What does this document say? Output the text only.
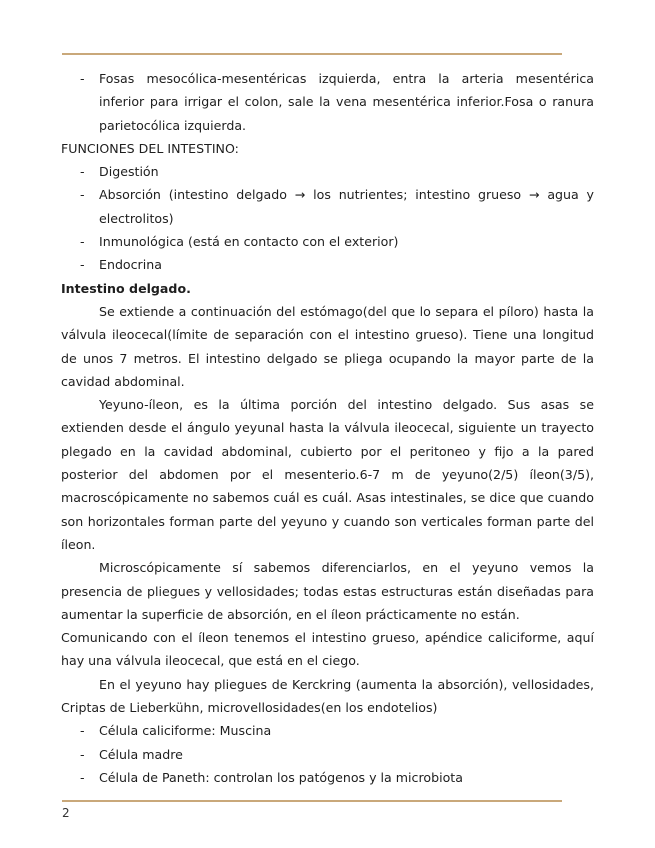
- Fosas mesocólica-mesentéricas izquierda, entra la arteria mesentérica inferior para irrigar el colon, sale la vena mesentérica inferior.Fosa o ranura parietocólica izquierda.

FUNCIONES DEL INTESTINO:

- Digestión
- Absorción (intestino delgado → los nutrientes; intestino grueso → agua y electrolitos)
- Inmunológica (está en contacto con el exterior)
- Endocrina

Intestino delgado.

Se extiende a continuación del estómago(del que lo separa el píloro) hasta la válvula ileocecal(límite de separación con el intestino grueso). Tiene una longitud de unos 7 metros. El intestino delgado se pliega ocupando la mayor parte de la cavidad abdominal.

Yeyuno-íleon, es la última porción del intestino delgado. Sus asas se extienden desde el ángulo yeyunal hasta la válvula ileocecal, siguiente un trayecto plegado en la cavidad abdominal, cubierto por el peritoneo y fijo a la pared posterior del abdomen por el mesenterio.6-7 m de yeyuno(2/5) íleon(3/5), macroscópicamente no sabemos cuál es cuál. Asas intestinales, se dice que cuando son horizontales forman parte del yeyuno y cuando son verticales forman parte del íleon.

Microscópicamente sí sabemos diferenciarlos, en el yeyuno vemos la presencia de pliegues y vellosidades; todas estas estructuras están diseñadas para aumentar la superficie de absorción, en el íleon prácticamente no están.

Comunicando con el íleon tenemos el intestino grueso, apéndice caliciforme, aquí hay una válvula ileocecal, que está en el ciego.

En el yeyuno hay pliegues de Kerckring (aumenta la absorción), vellosidades, Criptas de Lieberkühn, microvellosidades(en los endotelios)

- Célula caliciforme: Muscina
- Célula madre
- Célula de Paneth: controlan los patógenos y la microbiota
2
